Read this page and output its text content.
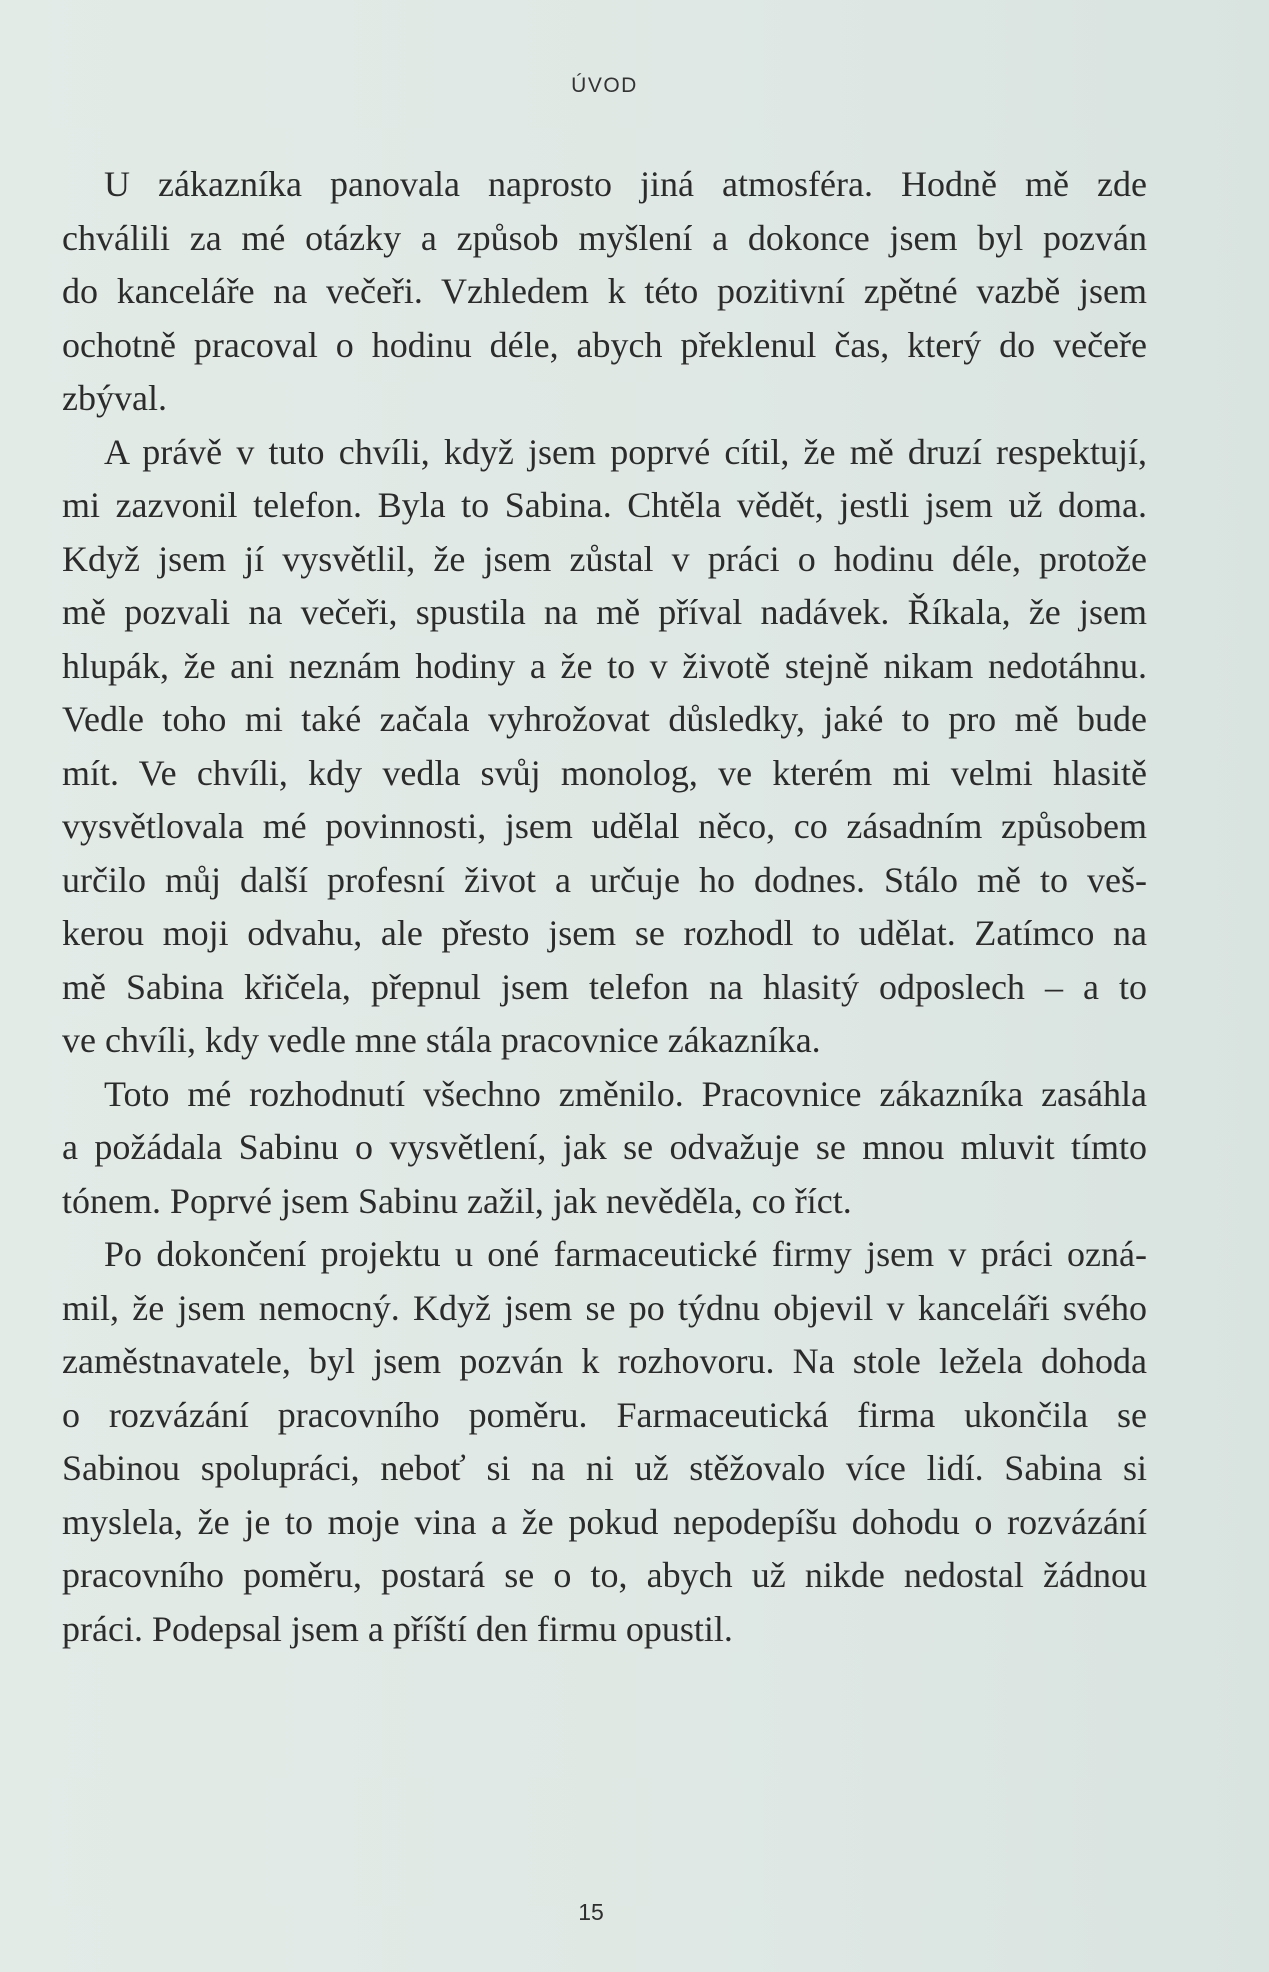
ÚVOD
U zákazníka panovala naprosto jiná atmosféra. Hodně mě zde
chválili za mé otázky a způsob myšlení a dokonce jsem byl pozván
do kanceláře na večeři. Vzhledem k této pozitivní zpětné vazbě jsem
ochotně pracoval o hodinu déle, abych překlenul čas, který do večeře
zbýval.
A právě v tuto chvíli, když jsem poprvé cítil, že mě druzí respektují,
mi zazvonil telefon. Byla to Sabina. Chtěla vědět, jestli jsem už doma.
Když jsem jí vysvětlil, že jsem zůstal v práci o hodinu déle, protože
mě pozvali na večeři, spustila na mě příval nadávek. Říkala, že jsem
hlupák, že ani neznám hodiny a že to v životě stejně nikam nedotáhnu.
Vedle toho mi také začala vyhrožovat důsledky, jaké to pro mě bude
mít. Ve chvíli, kdy vedla svůj monolog, ve kterém mi velmi hlasitě
vysvětlovala mé povinnosti, jsem udělal něco, co zásadním způsobem
určilo můj další profesní život a určuje ho dodnes. Stálo mě to veš-
kerou moji odvahu, ale přesto jsem se rozhodl to udělat. Zatímco na
mě Sabina křičela, přepnul jsem telefon na hlasitý odposlech – a to
ve chvíli, kdy vedle mne stála pracovnice zákazníka.
Toto mé rozhodnutí všechno změnilo. Pracovnice zákazníka zasáhla
a požádala Sabinu o vysvětlení, jak se odvažuje se mnou mluvit tímto
tónem. Poprvé jsem Sabinu zažil, jak nevěděla, co říct.
Po dokončení projektu u oné farmaceutické firmy jsem v práci ozná-
mil, že jsem nemocný. Když jsem se po týdnu objevil v kanceláři svého
zaměstnavatele, byl jsem pozván k rozhovoru. Na stole ležela dohoda
o rozvázání pracovního poměru. Farmaceutická firma ukončila se
Sabinou spolupráci, neboť si na ni už stěžovalo více lidí. Sabina si
myslela, že je to moje vina a že pokud nepodepíšu dohodu o rozvázání
pracovního poměru, postará se o to, abych už nikde nedostal žádnou
práci. Podepsal jsem a příští den firmu opustil.
15
